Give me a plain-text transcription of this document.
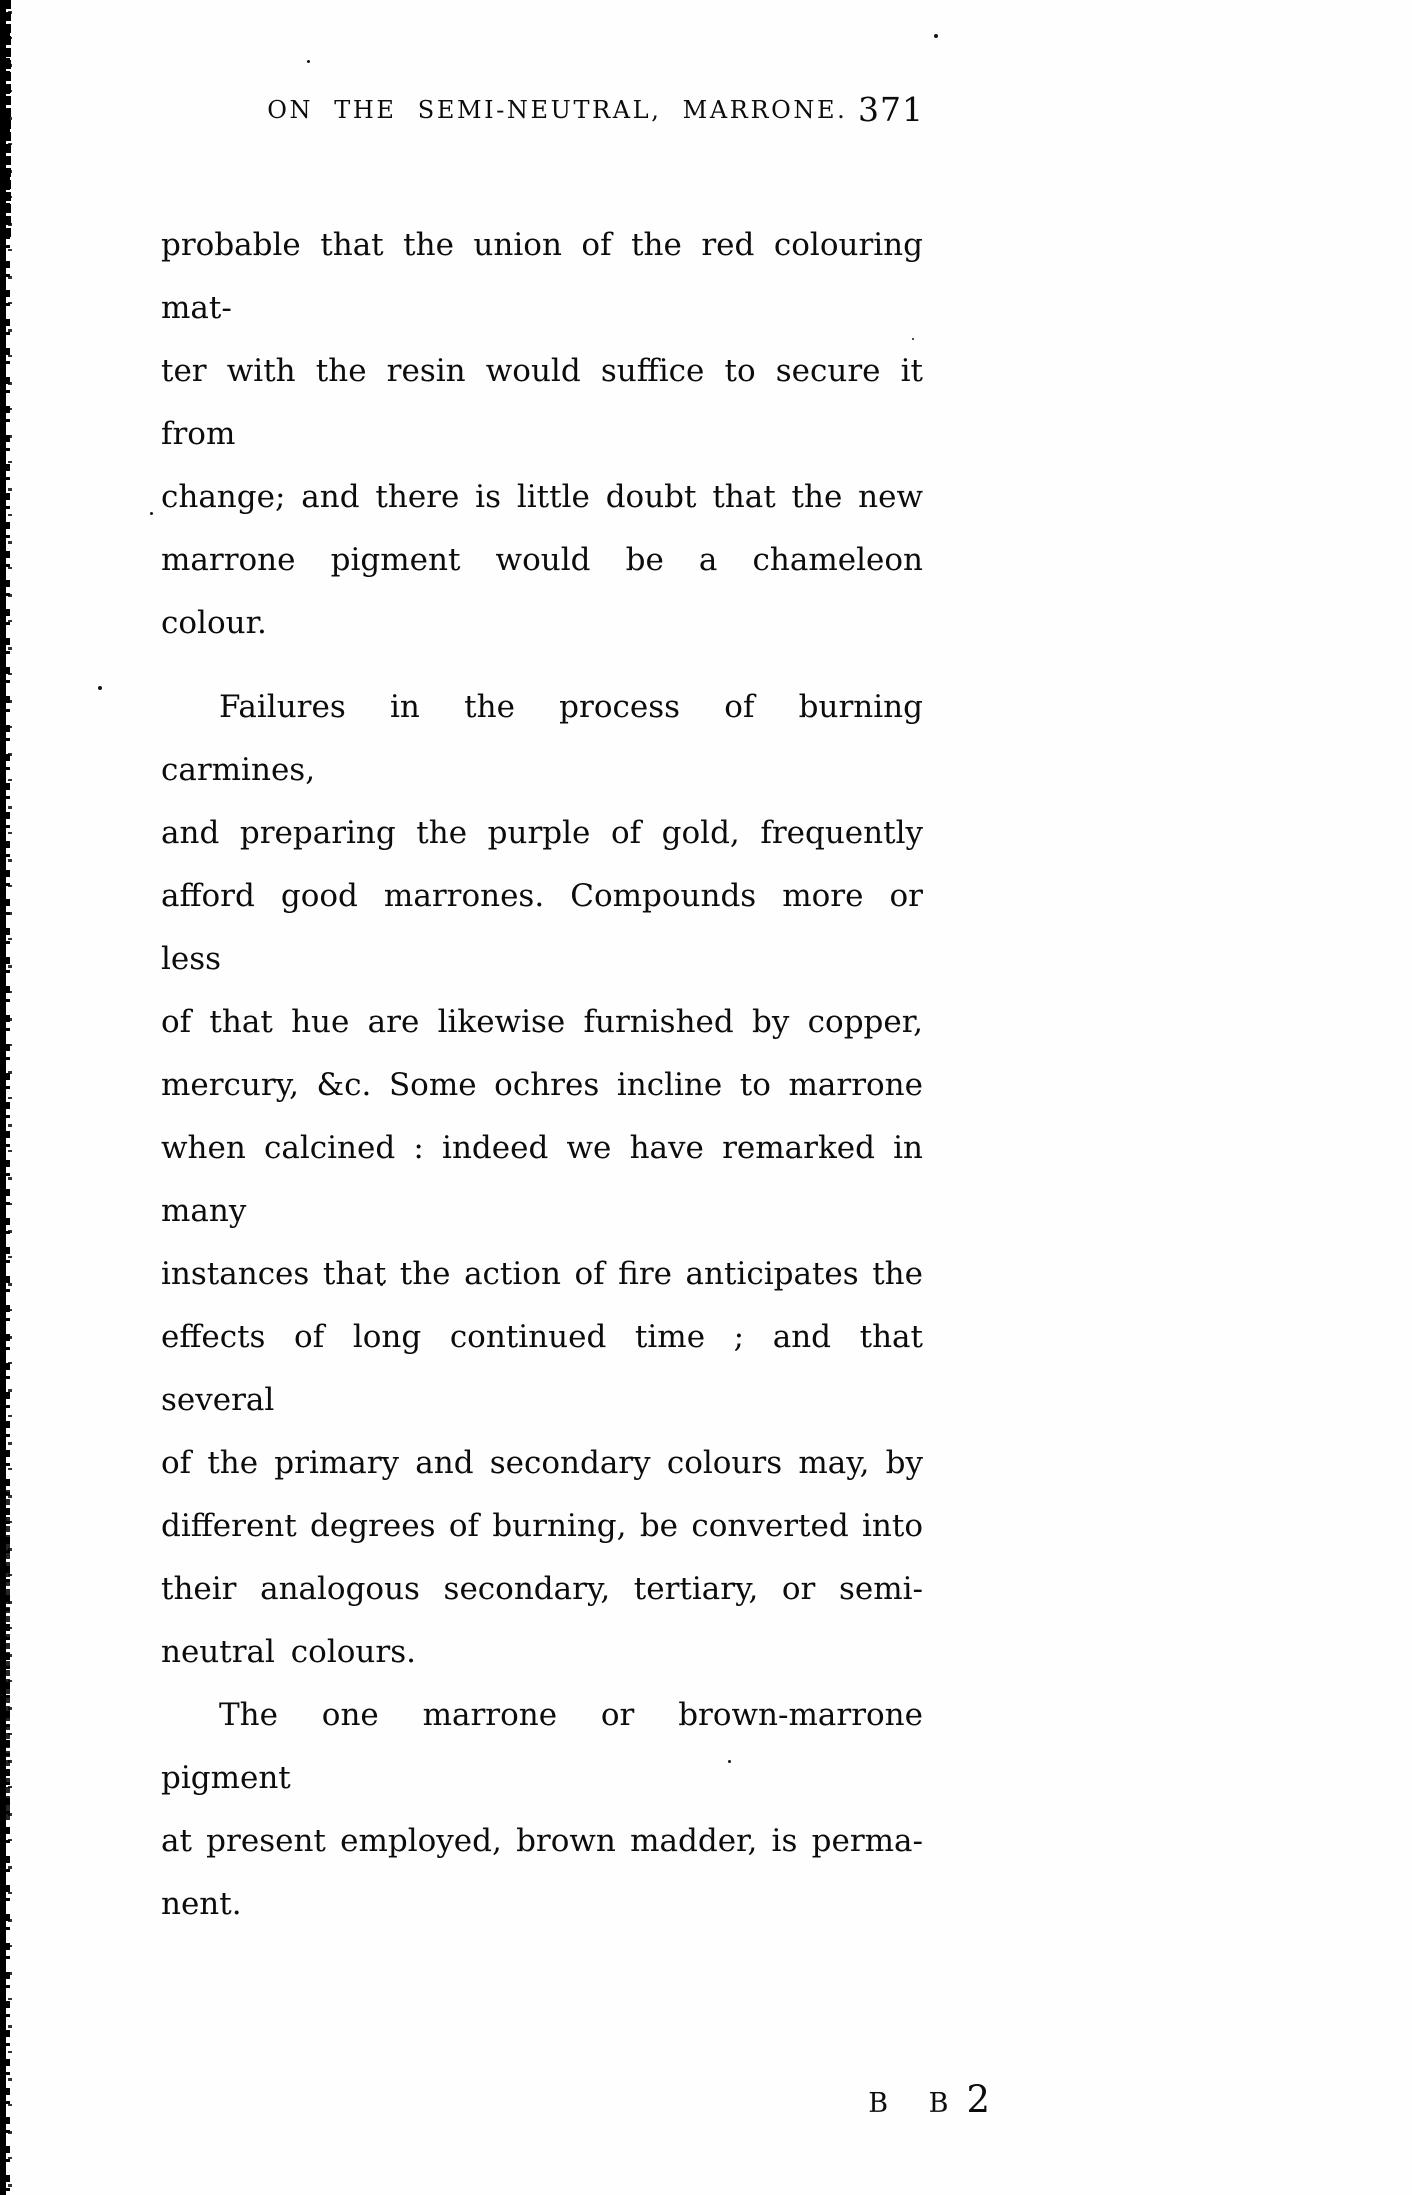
ON THE SEMI-NEUTRAL, MARRONE. 371
probable that the union of the red colouring mat-
ter with the resin would suffice to secure it from
change; and there is little doubt that the new
marrone pigment would be a chameleon colour.
Failures in the process of burning carmines,
and preparing the purple of gold, frequently
afford good marrones. Compounds more or less
of that hue are likewise furnished by copper,
mercury, &c. Some ochres incline to marrone
when calcined : indeed we have remarked in many
instances that the action of fire anticipates the
effects of long continued time ; and that several
of the primary and secondary colours may, by
different degrees of burning, be converted into
their analogous secondary, tertiary, or semi-
neutral colours.
The one marrone or brown-marrone pigment
at present employed, brown madder, is perma-
nent.
B B2
